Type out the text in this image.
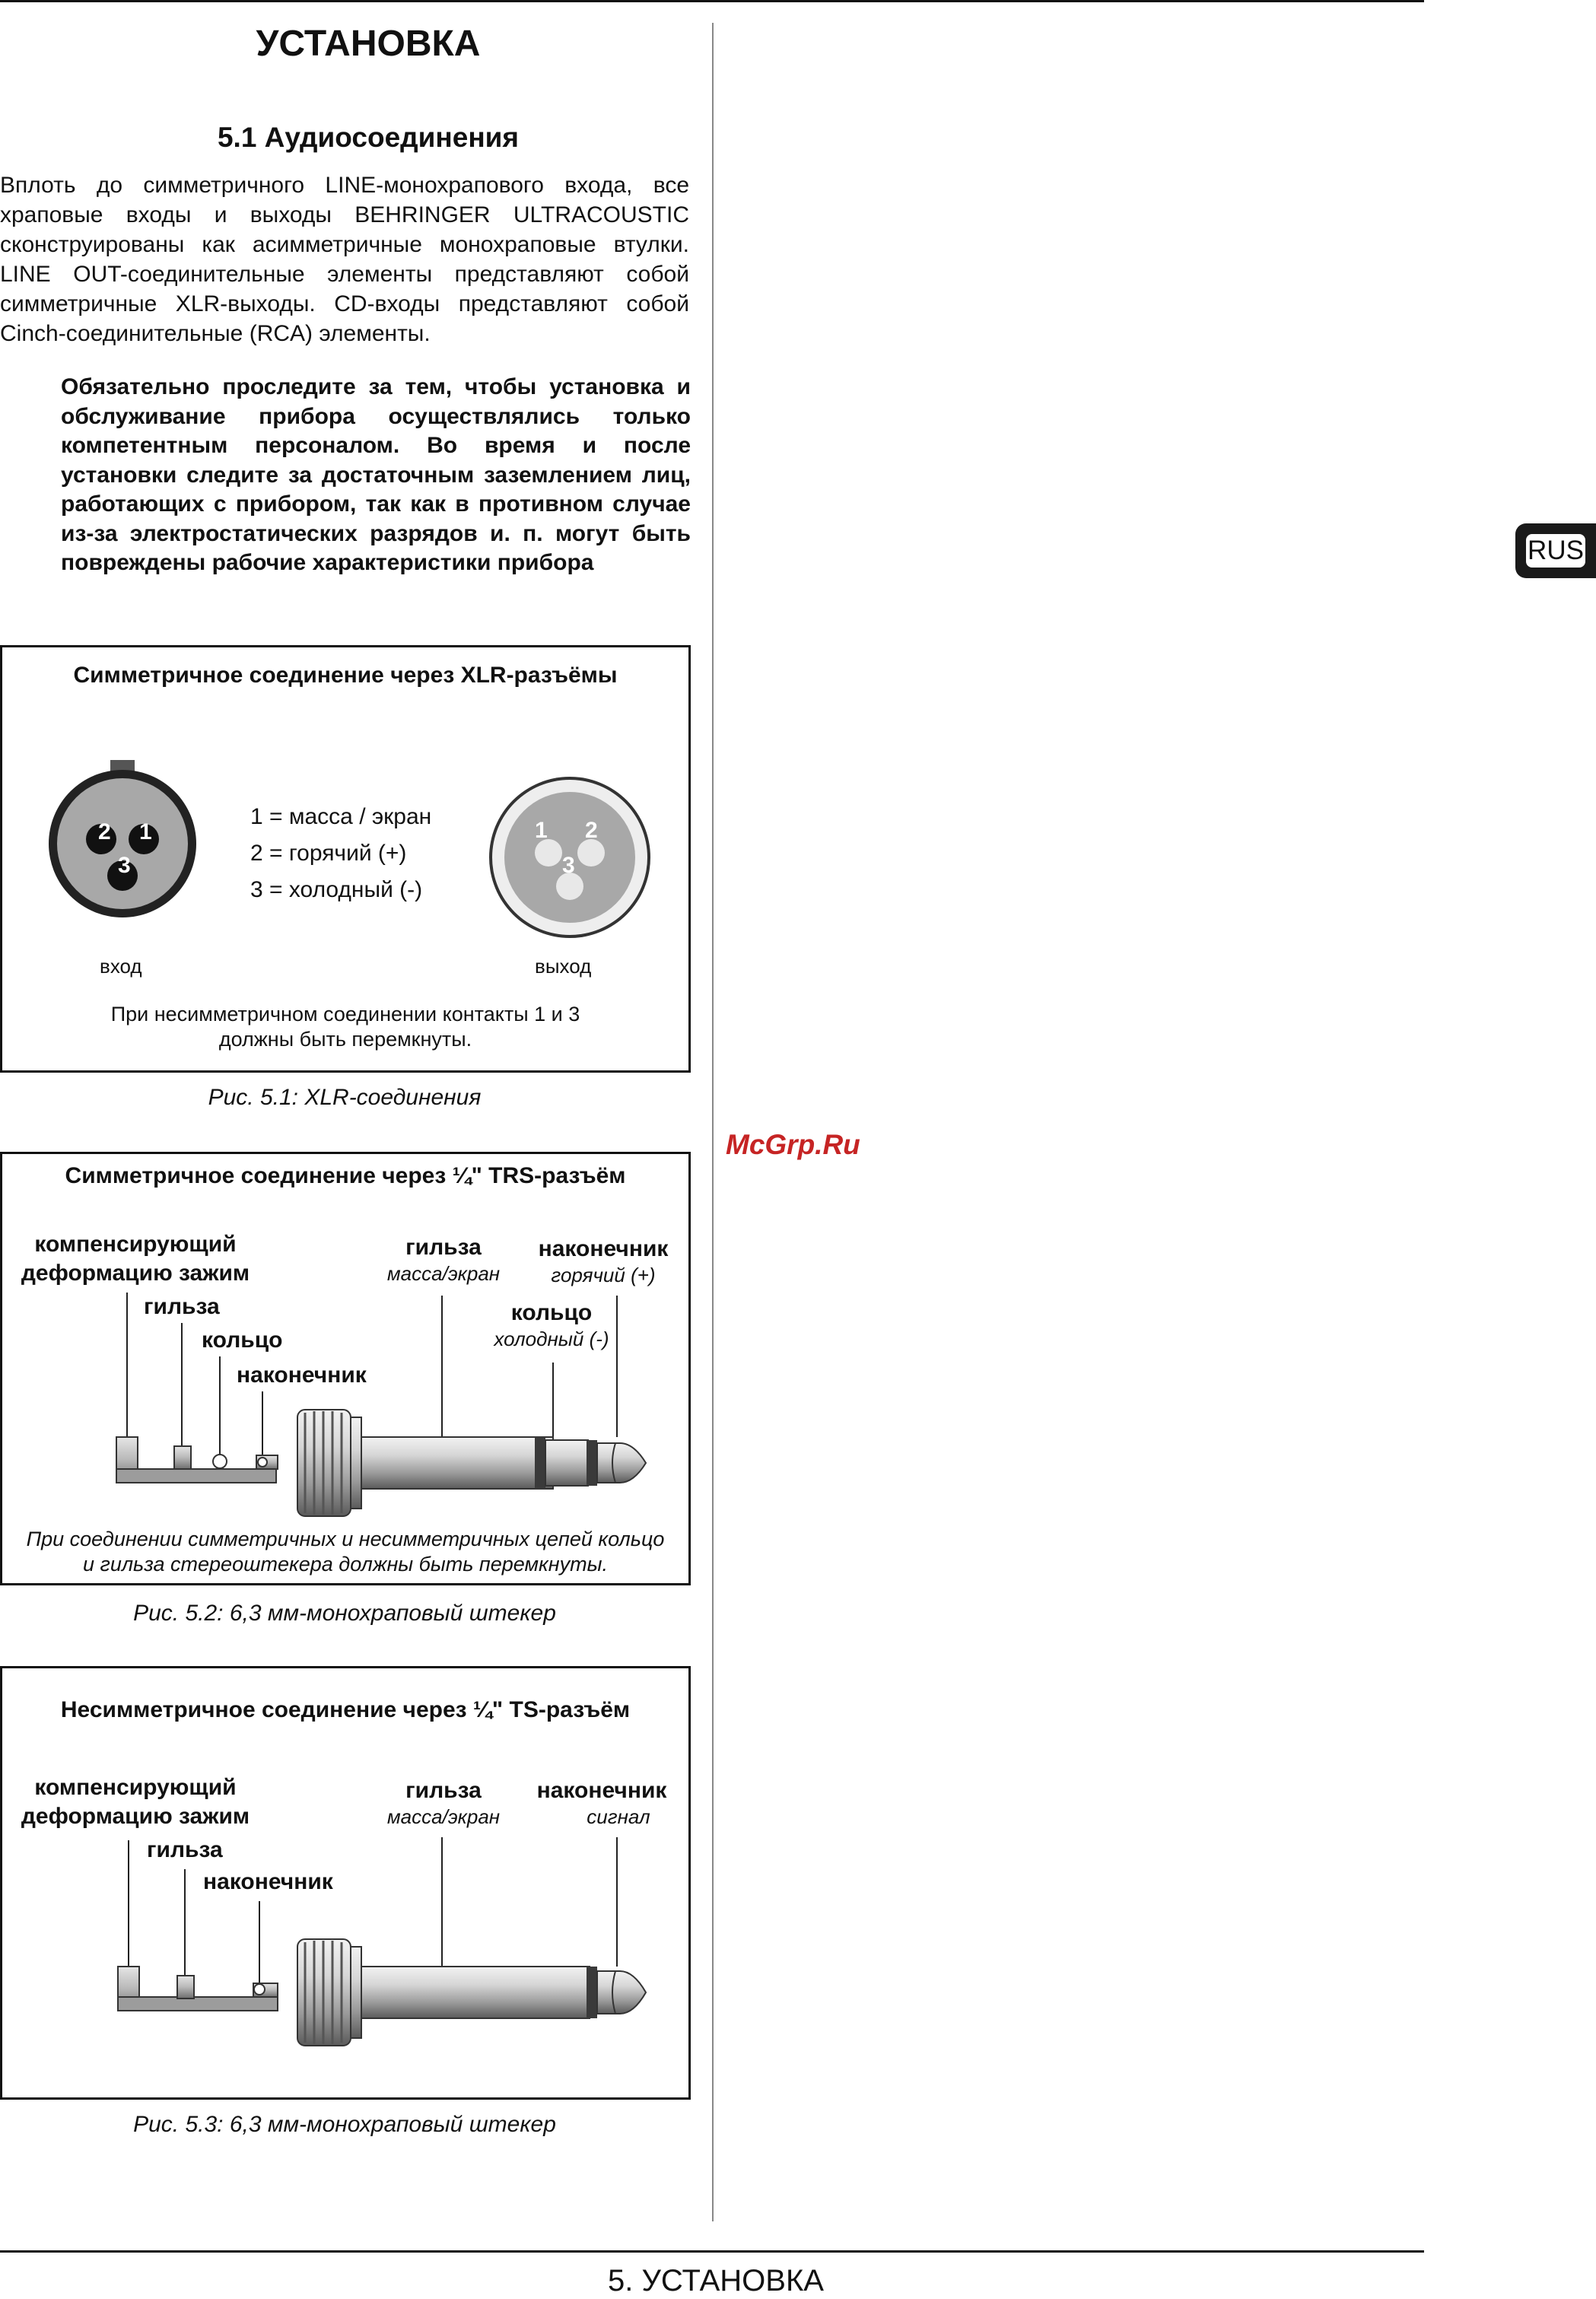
УСТАНОВКА
5.1 Аудиосоединения
Вплоть до симметричного LINE-монохрапового входа, все храповые входы и выходы BEHRINGER ULTRACOUSTIC сконструированы как асимметричные монохраповые втулки. LINE OUT-соединительные элементы представляют собой симметричные XLR-выходы. CD-входы представляют собой Cinch-соединительные (RCA) элементы.
Обязательно проследите за тем, чтобы установка и обслуживание прибора осуществлялись только компетентным персоналом. Во время и после установки следите за достаточным заземлением лиц, работающих с прибором, так как в противном случае из-за электростатических разрядов и. п. могут быть повреждены рабочие характеристики прибора
Симметричное соединение через XLR-разъёмы
2 1
3
1 = масса / экран
2 = горячий (+)
3 = холодный (-)
1 2
3
вход	выход
При несимметричном соединении контакты 1 и 3
должны быть перемкнуты.
Рис. 5.1: XLR-соединения
Симметричное соединение через ¼" TRS-разъём
компенсирующий
деформацию зажим
гильза
кольцо
наконечник
гильза
масса/экран
наконечник
горячий (+)
кольцо
холодный (-)
При соединении симметричных и несимметричных цепей кольцо
и гильза стереоштекера должны быть перемкнуты.
Рис. 5.2: 6,3 мм-монохраповый штекер
Несимметричное соединение через ¼" TS-разъём
компенсирующий
деформацию зажим
гильза
наконечник
гильза
масса/экран
наконечник
сигнал
Рис. 5.3: 6,3 мм-монохраповый штекер
RUS
McGrp.Ru
5. УСТАНОВКА
